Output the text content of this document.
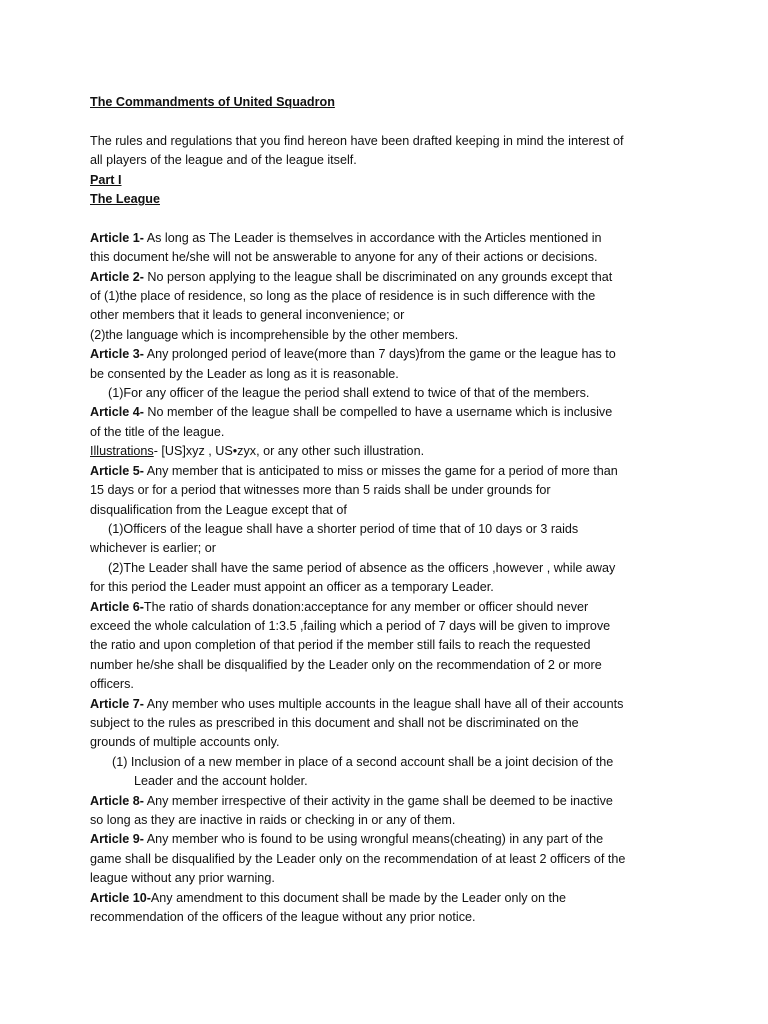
The Commandments of United Squadron
The rules and regulations that you find hereon have been drafted keeping in mind the interest of
all players of the league and of the league itself.
Part I
The League
Article 1- As long as The Leader is themselves in accordance with the Articles mentioned in
this document he/she will not be answerable to anyone for any of their actions or decisions.
Article 2- No person applying to the league shall be discriminated on any grounds except that
of (1)the place of residence, so long as the place of residence is in such difference with the
other members that it leads to general inconvenience; or
(2)the language which is incomprehensible by the other members.
Article 3- Any prolonged period of leave(more than 7 days)from the game or the league has to
be consented by the Leader as long as it is reasonable.
(1)For any officer of the league the period shall extend to twice of that of the members.
Article 4- No member of the league shall be compelled to have a username which is inclusive
of the title of the league.
Illustrations- [US]xyz , US•zyx, or any other such illustration.
Article 5- Any member that is anticipated to miss or misses the game for a period of more than
15 days or for a period that witnesses more than 5 raids shall be under grounds for
disqualification from the League except that of
(1)Officers of the league shall have a shorter period of time that of 10 days or 3 raids
whichever is earlier; or
(2)The Leader shall have the same period of absence as the officers ,however , while away
for this period the Leader must appoint an officer as a temporary Leader.
Article 6-The ratio of shards donation:acceptance for any member or officer should never
exceed the whole calculation of 1:3.5 ,failing which a period of 7 days will be given to improve
the ratio and upon completion of that period if the member still fails to reach the requested
number he/she shall be disqualified by the Leader only on the recommendation of 2 or more
officers.
Article 7- Any member who uses multiple accounts in the league shall have all of their accounts
subject to the rules as prescribed in this document and shall not be discriminated on the
grounds of multiple accounts only.
(1) Inclusion of a new member in place of a second account shall be a joint decision of the
Leader and the account holder.
Article 8- Any member irrespective of their activity in the game shall be deemed to be inactive
so long as they are inactive in raids or checking in or any of them.
Article 9- Any member who is found to be using wrongful means(cheating) in any part of the
game shall be disqualified by the Leader only on the recommendation of at least 2 officers of the
league without any prior warning.
Article 10-Any amendment to this document shall be made by the Leader only on the
recommendation of the officers of the league without any prior notice.
